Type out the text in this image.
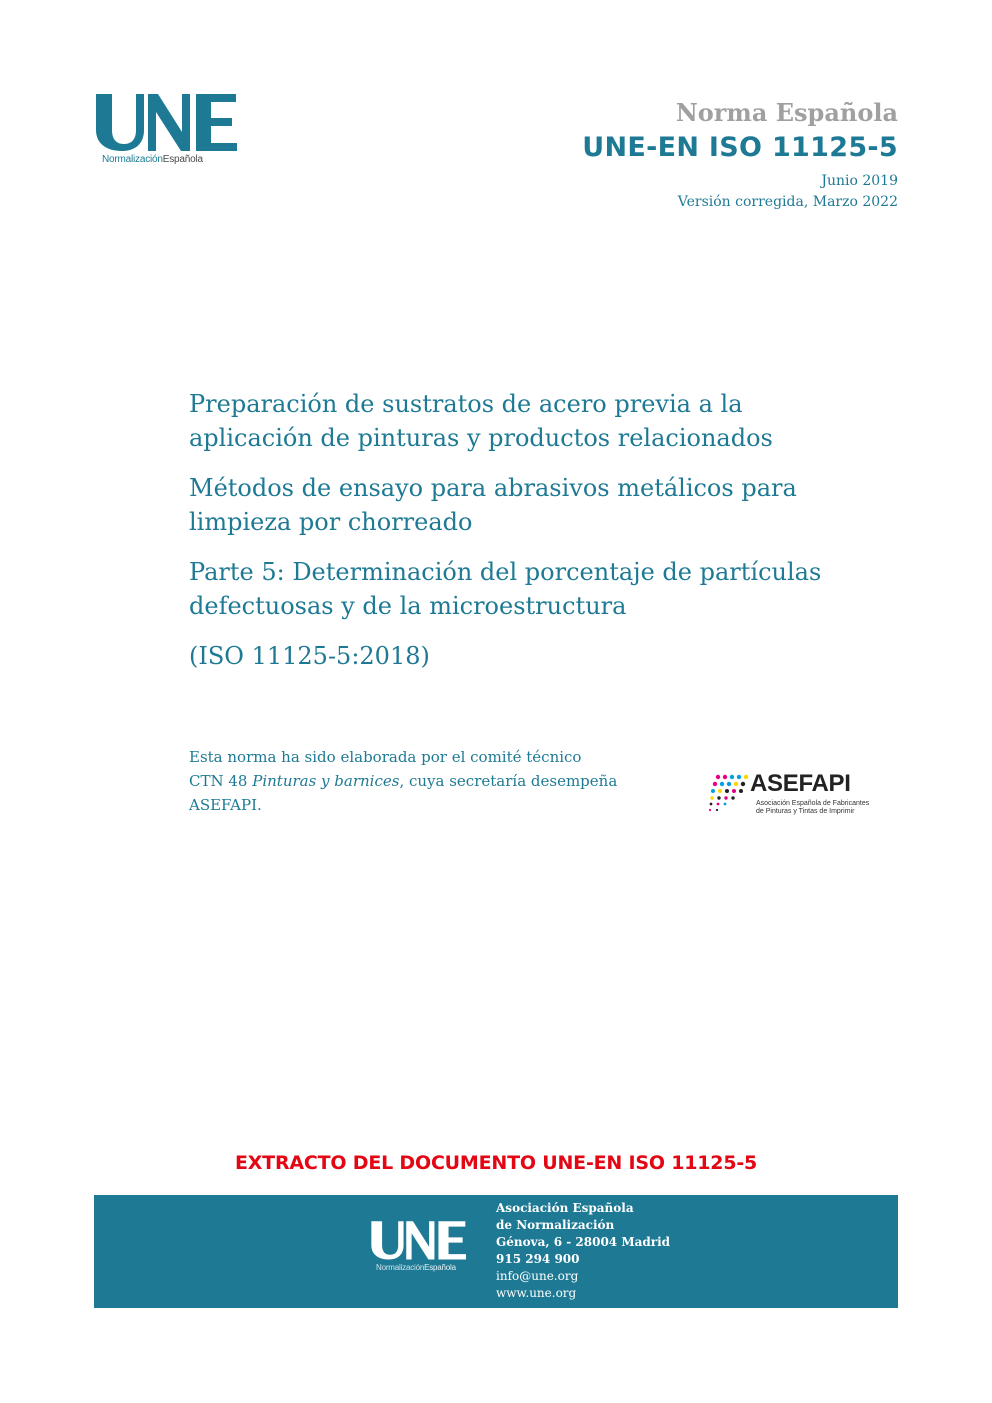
NormalizaciónEspañola
Norma Española
UNE-EN ISO 11125-5
Junio 2019
Versión corregida, Marzo 2022
Preparación de sustratos de acero previa a la
aplicación de pinturas y productos relacionados
Métodos de ensayo para abrasivos metálicos para
limpieza por chorreado
Parte 5: Determinación del porcentaje de partículas
defectuosas y de la microestructura
(ISO 11125-5:2018)
Esta norma ha sido elaborada por el comité técnico
CTN 48 Pinturas y barnices, cuya secretaría desempeña
ASEFAPI.
ASEFAPI
Asociación Española de Fabricantes
de Pinturas y Tintas de Imprimir
EXTRACTO DEL DOCUMENTO UNE-EN ISO 11125-5
NormalizaciónEspañola
Asociación Española
de Normalización
Génova, 6 - 28004 Madrid
915 294 900
info@une.org
www.une.org
